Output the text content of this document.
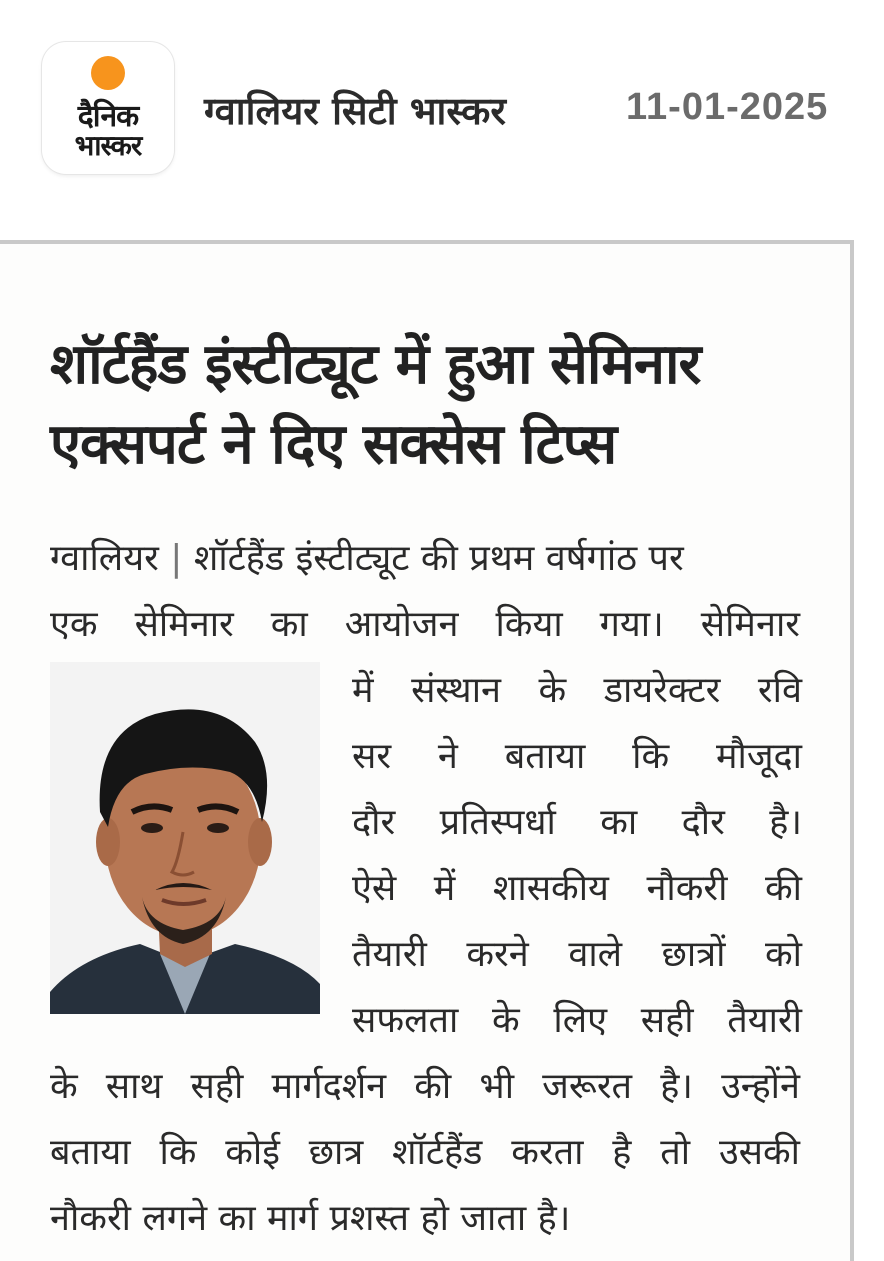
दैनिक
भास्कर
ग्वालियर सिटी भास्कर	11-01-2025
शॉर्टहैंड इंस्टीट्यूट में हुआ सेमिनार
एक्सपर्ट ने दिए सक्सेस टिप्स
ग्वालियर | शॉर्टहैंड इंस्टीट्यूट की प्रथम वर्षगांठ पर
एक सेमिनार का आयोजन किया गया। सेमिनार
में संस्थान के डायरेक्टर रवि
सर ने बताया कि मौजूदा
दौर प्रतिस्पर्धा का दौर है।
ऐसे में शासकीय नौकरी की
तैयारी करने वाले छात्रों को
सफलता के लिए सही तैयारी
के साथ सही मार्गदर्शन की भी जरूरत है। उन्होंने
बताया कि कोई छात्र शॉर्टहैंड करता है तो उसकी
नौकरी लगने का मार्ग प्रशस्त हो जाता है।
